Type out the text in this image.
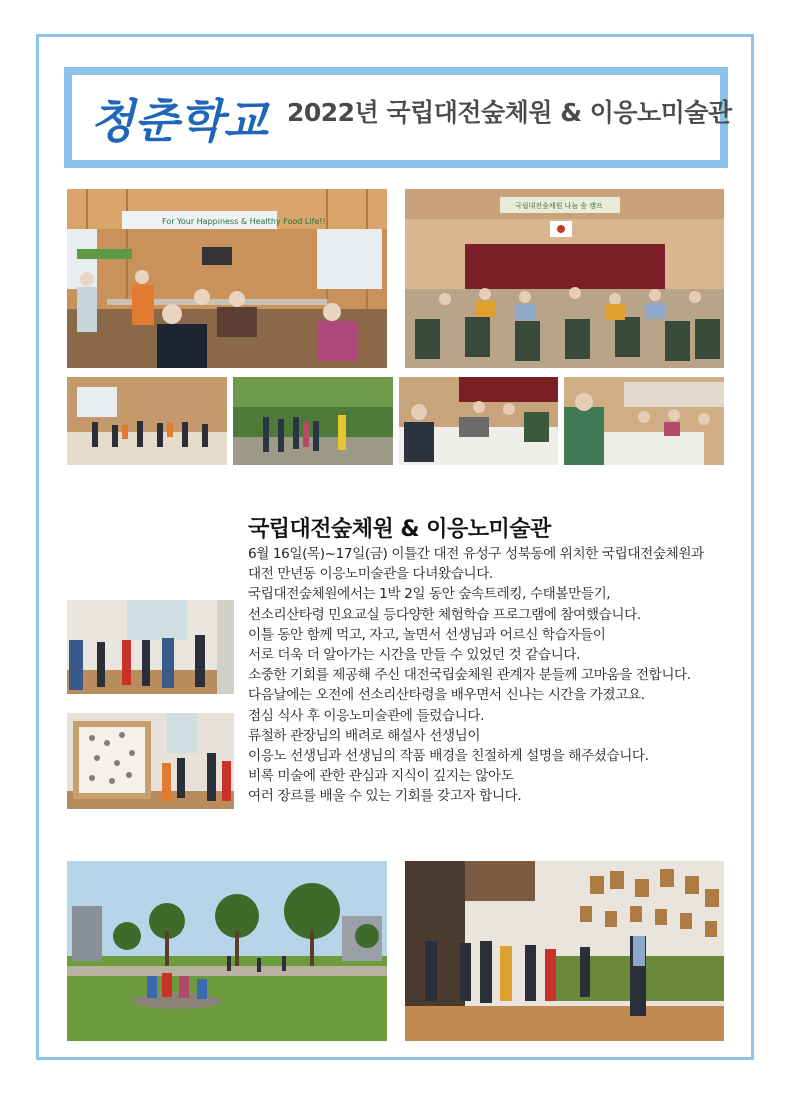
청춘학교 2022년 국립대전숲체원 & 이응노미술관
For Your Happiness & Healthy Food Life!!
국립대전숲체원 나눔 숲 캠프
국립대전숲체원 & 이응노미술관

6월 16일(목)~17일(금) 이틀간 대전 유성구 성북동에 위치한 국립대전숲체원과

대전 만년동 이응노미술관을 다녀왔습니다.

국립대전숲체원에서는 1박 2일 동안 숲속트레킹, 수태볼만들기,

선소리산타령 민요교실 등다양한 체험학습 프로그램에 참여했습니다.

이틀 동안 함께 먹고, 자고, 놀면서 선생님과 어르신 학습자들이

서로 더욱 더 알아가는 시간을 만들 수 있었던 것 같습니다.

소중한 기회를 제공해 주신 대전국립숲체원 관계자 분들께 고마움을 전합니다.

다음날에는 오전에 선소리산타령을 배우면서 신나는 시간을 가졌고요.

점심 식사 후 이응노미술관에 들렀습니다.

류철하 관장님의 배려로 해설사 선생님이

이응노 선생님과 선생님의 작품 배경을 친절하게 설명을 해주셨습니다.

비록 미술에 관한 관심과 지식이 깊지는 않아도

여러 장르를 배울 수 있는 기회를 갖고자 합니다.
